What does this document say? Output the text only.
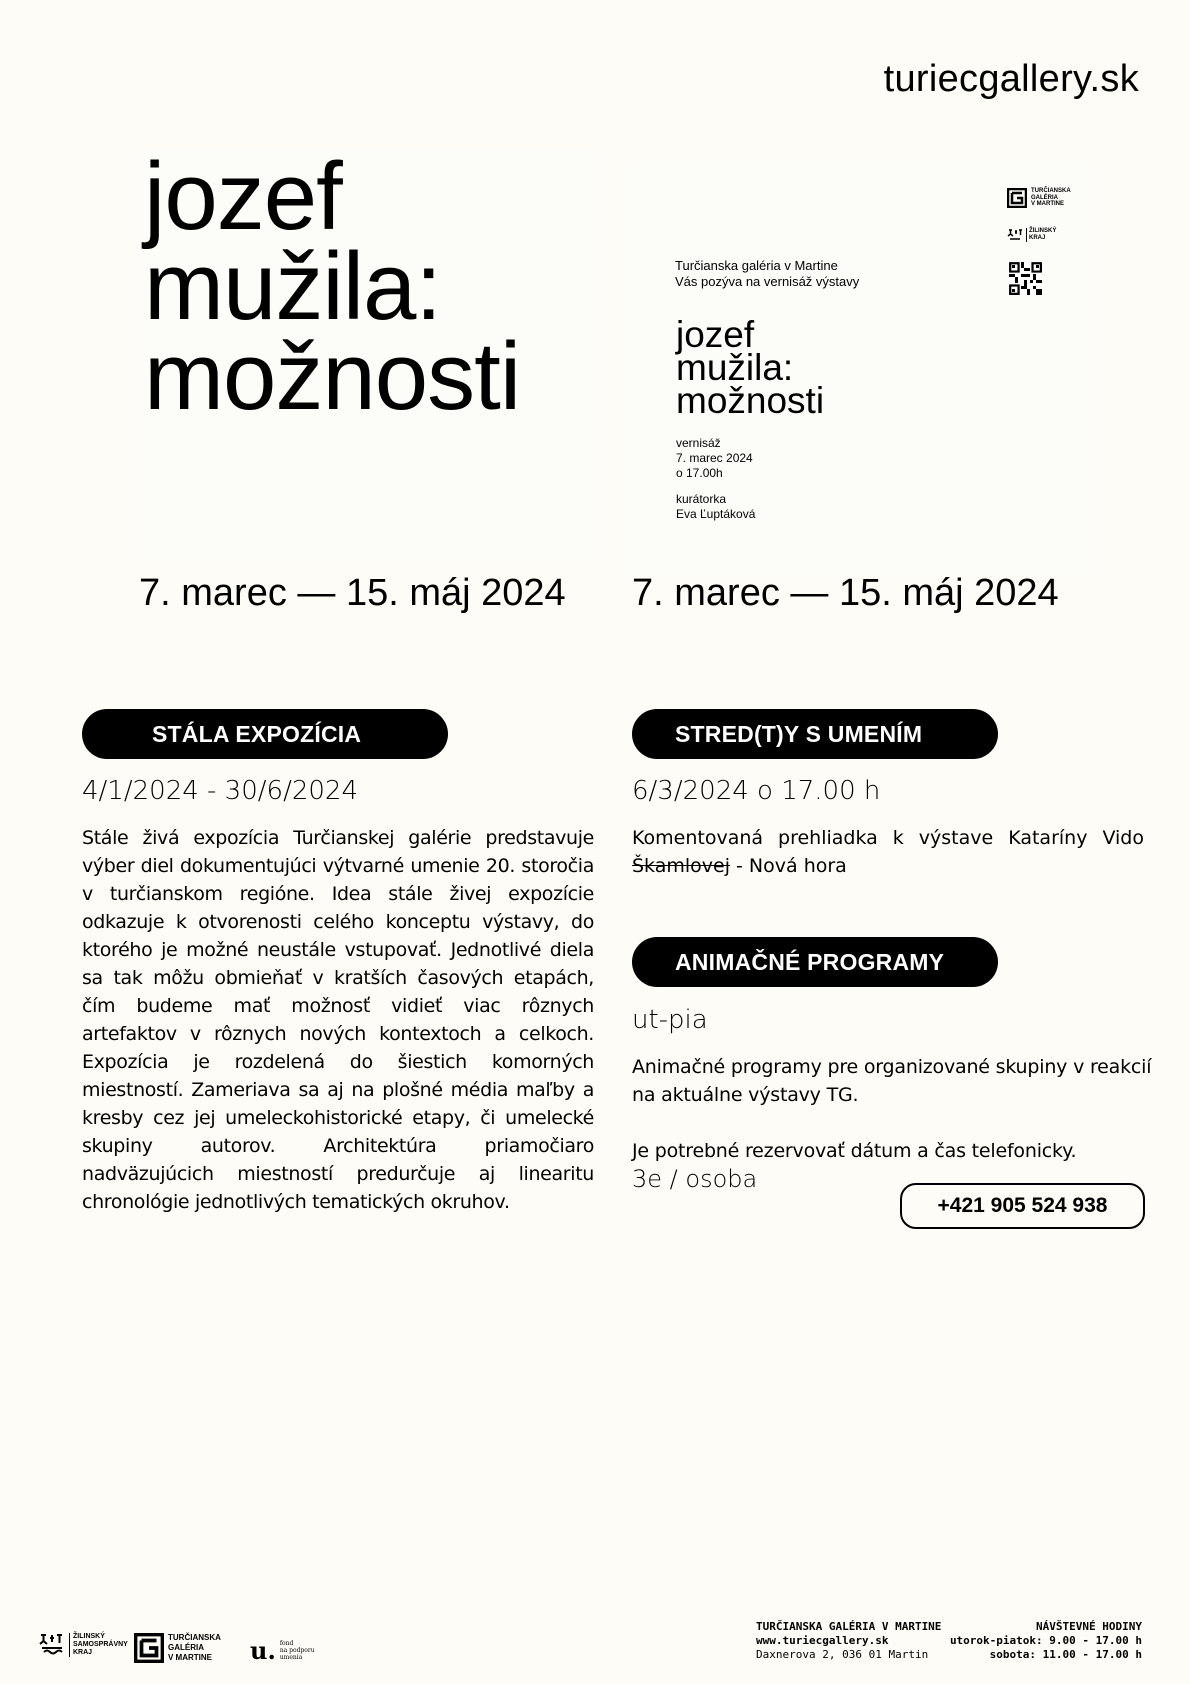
turiecgallery.sk
jozef
mužila:
možnosti
Turčianska galéria v Martine
Vás pozýva na vernisáž výstavy
jozef
mužila:
možnosti
vernisáž
7. marec 2024
o 17.00h
kurátorka
Eva Ľuptáková
TURČIANSKA
GALÉRIA
V MARTINE
ŽILINSKÝ
KRAJ
7. marec — 15. máj 2024 7. marec — 15. máj 2024
STÁLA EXPOZÍCIA
4/1/2024 - 30/6/2024
Stále živá expozícia Turčianskej galérie predstavuje výber diel dokumentujúci výtvarné umenie 20. storočia v turčianskom regióne. Idea stále živej expozície odkazuje k otvorenosti celého konceptu výstavy, do ktorého je možné neustále vstupovať. Jednotlivé diela sa tak môžu obmieňať v kratších časových etapách, čím budeme mať možnosť vidieť viac rôznych artefaktov v rôznych nových kontextoch a celkoch. Expozícia je rozdelená do šiestich komorných miestností. Zameriava sa aj na plošné média maľby a kresby cez jej umeleckohistorické etapy, či umelecké skupiny autorov. Architektúra priamočiaro nadväzujúcich miestností predurčuje aj linearitu chronológie jednotlivých tematických okruhov.
STRED(T)Y S UMENÍM
6/3/2024 o 17.00 h
Komentovaná prehliadka k výstave Kataríny Vido
Škamlovej - Nová hora
ANIMAČNÉ PROGRAMY
ut-pia
Animačné programy pre organizované skupiny v reakcií na aktuálne výstavy TG.
Je potrebné rezervovať dátum a čas telefonicky.
3e / osoba
+421 905 524 938
ŽILINSKÝ
SAMOSPRÁVNY
KRAJ
TURČIANSKA
GALÉRIA
V MARTINE	u. fond
na podporu
umenia
TURČIANSKA GALÉRIA V MARTINE
www.turiecgallery.sk
Daxnerova 2, 036 01 Martin
NÁVŠTEVNÉ HODINY
utorok-piatok: 9.00 - 17.00 h
sobota: 11.00 - 17.00 h
